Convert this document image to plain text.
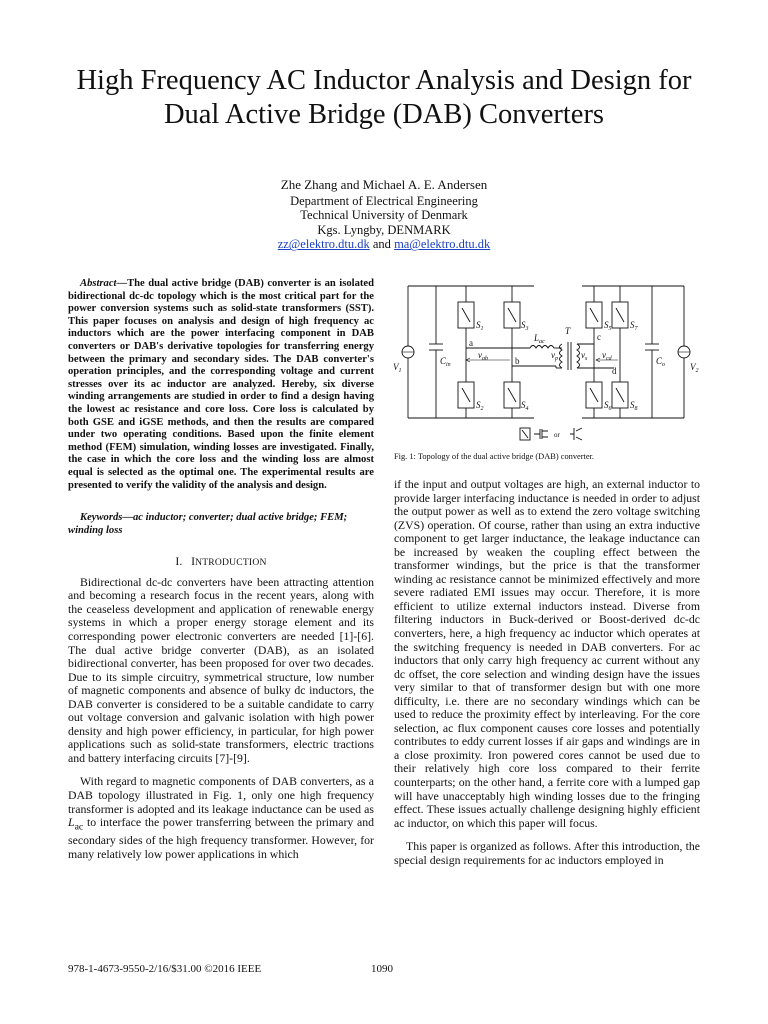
High Frequency AC Inductor Analysis and Design for
Dual Active Bridge (DAB) Converters
Zhe Zhang and Michael A. E. Andersen
Department of Electrical Engineering
Technical University of Denmark
Kgs. Lyngby, DENMARK
zz@elektro.dtu.dk and ma@elektro.dtu.dk

Abstract—The dual active bridge (DAB) converter is an isolated bidirectional dc-dc topology which is the most critical part for the power conversion systems such as solid-state transformers (SST). This paper focuses on analysis and design of high frequency ac inductors which are the power interfacing component in DAB converters or DAB's derivative topologies for transferring energy between the primary and secondary sides. The DAB converter's operation principles, and the corresponding voltage and current stresses over its ac inductor are analyzed. Hereby, six diverse winding arrangements are studied in order to find a design having the lowest ac resistance and core loss. Core loss is calculated by both GSE and iGSE methods, and then the results are compared under two operating conditions. Based upon the finite element method (FEM) simulation, winding losses are investigated. Finally, the case in which the core loss and the winding loss are almost equal is selected as the optimal one. The experimental results are presented to verify the validity of the analysis and design.

Keywords—ac inductor; converter; dual active bridge; FEM; winding loss

I. INTRODUCTION

Bidirectional dc-dc converters have been attracting attention and becoming a research focus in the recent years, along with the ceaseless development and application of renewable energy systems in which a proper energy storage element and its corresponding power electronic converters are needed [1]-[6]. The dual active bridge converter (DAB), as an isolated bidirectional converter, has been proposed for over two decades. Due to its simple circuitry, symmetrical structure, low number of magnetic components and absence of bulky dc inductors, the DAB converter is considered to be a suitable candidate to carry out voltage conversion and galvanic isolation with high power density and high power efficiency, in particular, for high power applications such as solid-state transformers, electric tractions and battery interfacing circuits [7]-[9].

With regard to magnetic components of DAB converters, as a DAB topology illustrated in Fig. 1, only one high frequency transformer is adopted and its leakage inductance can be used as $L_{ac}$ to interface the power transferring between the primary and secondary sides of the high frequency transformer. However, for many relatively low power applications in which

$V_1$
$C_{in}$
$S_1$
$S_2$
$S_3$
$S_4$
a
b
$v_{ab}$
$L_{ac}$
T
$v_p$	$v_s$
c
d
$v_{cd}$
$S_5$
$S_6$
$S_7$
$S_8$
$C_o$	$V_2$
or
Fig. 1: Topology of the dual active bridge (DAB) converter.

if the input and output voltages are high, an external inductor to provide larger interfacing inductance is needed in order to adjust the output power as well as to extend the zero voltage switching (ZVS) operation. Of course, rather than using an extra inductive component to get larger inductance, the leakage inductance can be increased by weaken the coupling effect between the transformer windings, but the price is that the transformer winding ac resistance cannot be minimized effectively and more severe radiated EMI issues may occur. Therefore, it is more efficient to utilize external inductors instead. Diverse from filtering inductors in Buck-derived or Boost-derived dc-dc converters, here, a high frequency ac inductor which operates at the switching frequency is needed in DAB converters. For ac inductors that only carry high frequency ac current without any dc offset, the core selection and winding design have the issues very similar to that of transformer design but with one more difficulty, i.e. there are no secondary windings which can be used to reduce the proximity effect by interleaving. For the core selection, ac flux component causes core losses and potentially contributes to eddy current losses if air gaps and windings are in a close proximity. Iron powered cores cannot be used due to their relatively high core loss compared to their ferrite counterparts; on the other hand, a ferrite core with a lumped gap will have unacceptably high winding losses due to the fringing effect. These issues actually challenge designing highly efficient ac inductor, on which this paper will focus.

This paper is organized as follows. After this introduction, the special design requirements for ac inductors employed in

978-1-4673-9550-2/16/$31.00 ©2016 IEEE	1090
